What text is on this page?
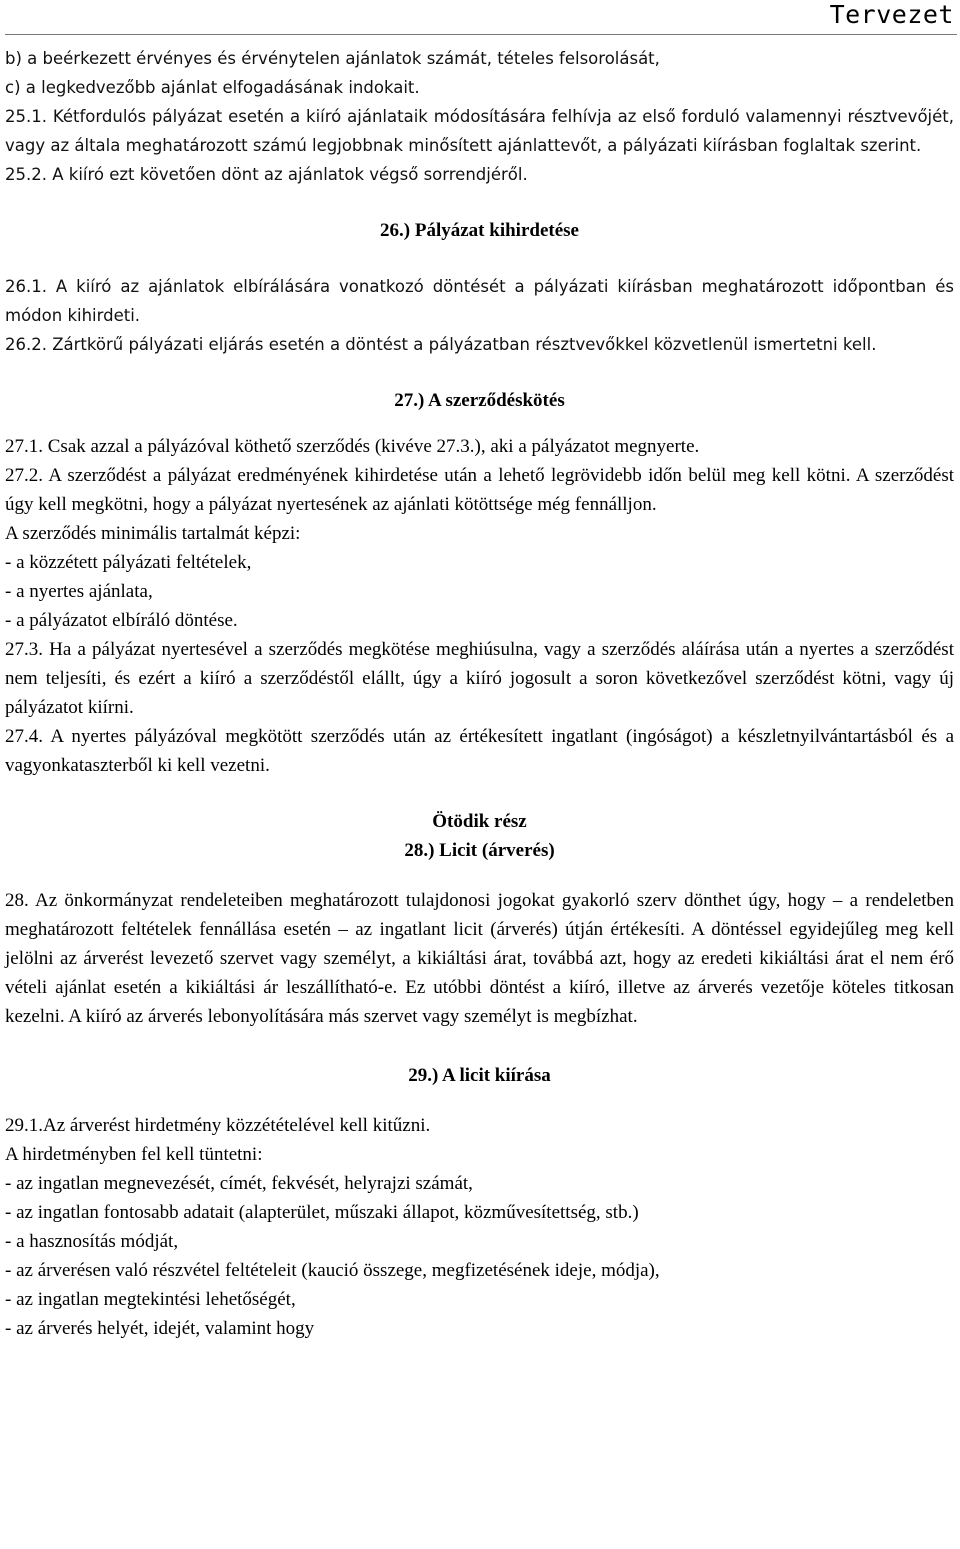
Tervezet

b) a beérkezett érvényes és érvénytelen ajánlatok számát, tételes felsorolását,

c) a legkedvezőbb ajánlat elfogadásának indokait.

25.1. Kétfordulós pályázat esetén a kiíró ajánlataik módosítására felhívja az első forduló valamennyi résztvevőjét, vagy az általa meghatározott számú legjobbnak minősített ajánlattevőt, a pályázati kiírásban foglaltak szerint.

25.2. A kiíró ezt követően dönt az ajánlatok végső sorrendjéről.

26.) Pályázat kihirdetése

26.1. A kiíró az ajánlatok elbírálására vonatkozó döntését a pályázati kiírásban meghatározott időpontban és módon kihirdeti.

26.2. Zártkörű pályázati eljárás esetén a döntést a pályázatban résztvevőkkel közvetlenül ismertetni kell.

27.) A szerződéskötés

27.1. Csak azzal a pályázóval köthető szerződés (kivéve 27.3.), aki a pályázatot megnyerte.

27.2. A szerződést a pályázat eredményének kihirdetése után a lehető legrövidebb időn belül meg kell kötni. A szerződést úgy kell megkötni, hogy a pályázat nyertesének az ajánlati kötöttsége még fennálljon.

A szerződés minimális tartalmát képzi:

- a közzétett pályázati feltételek,

- a nyertes ajánlata,

- a pályázatot elbíráló döntése.

27.3. Ha a pályázat nyertesével a szerződés megkötése meghiúsulna, vagy a szerződés aláírása után a nyertes a szerződést nem teljesíti, és ezért a kiíró a szerződéstől elállt, úgy a kiíró jogosult a soron következővel szerződést kötni, vagy új pályázatot kiírni.

27.4. A nyertes pályázóval megkötött szerződés után az értékesített ingatlant (ingóságot) a készletnyilvántartásból és a vagyonkataszterből ki kell vezetni.

Ötödik rész

28.) Licit (árverés)

28. Az önkormányzat rendeleteiben meghatározott tulajdonosi jogokat gyakorló szerv dönthet úgy, hogy – a rendeletben meghatározott feltételek fennállása esetén – az ingatlant licit (árverés) útján értékesíti. A döntéssel egyidejűleg meg kell jelölni az árverést levezető szervet vagy személyt, a kikiáltási árat, továbbá azt, hogy az eredeti kikiáltási árat el nem érő vételi ajánlat esetén a kikiáltási ár leszállítható-e. Ez utóbbi döntést a kiíró, illetve az árverés vezetője köteles titkosan kezelni. A kiíró az árverés lebonyolítására más szervet vagy személyt is megbízhat.

29.) A licit kiírása

29.1.Az árverést hirdetmény közzétételével kell kitűzni.

A hirdetményben fel kell tüntetni:

- az ingatlan megnevezését, címét, fekvését, helyrajzi számát,

- az ingatlan fontosabb adatait (alapterület, műszaki állapot, közművesítettség, stb.)

- a hasznosítás módját,

- az árverésen való részvétel feltételeit (kaució összege, megfizetésének ideje, módja),

- az ingatlan megtekintési lehetőségét,

- az árverés helyét, idejét, valamint hogy
